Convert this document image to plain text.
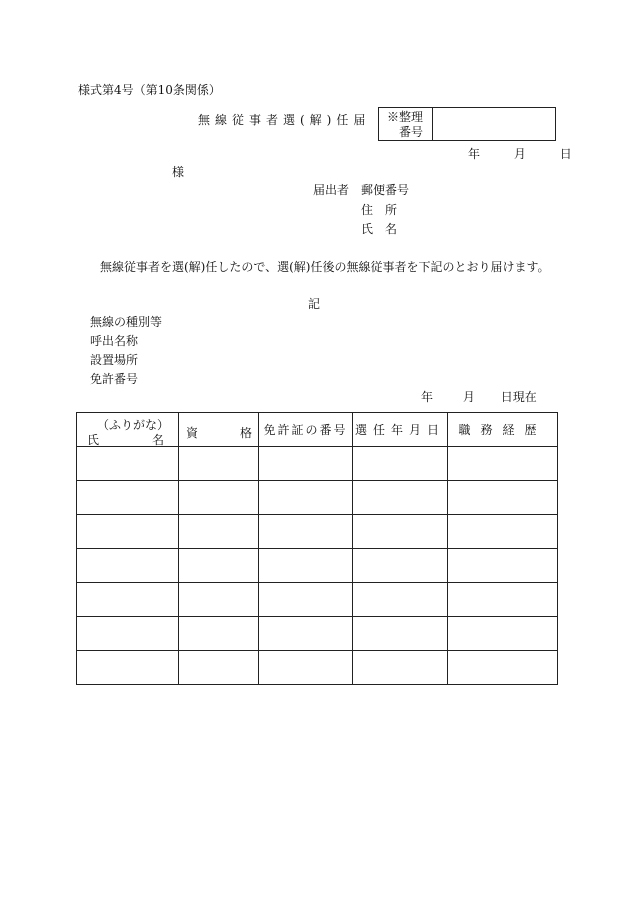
様式第4号（第10条関係）
無線従事者選(解)任届	※整理
番号
年	月	日
様
届出者 郵便番号
住　所
氏　名
無線従事者を選(解)任したので、選(解)任後の無線従事者を下記のとおり届けます。
記
無線の種別等
呼出名称
設置場所
免許番号
年 月 日現在
（ふりがな）
氏 名	資 格	免許証の番号	選任年月日	職務経歴
